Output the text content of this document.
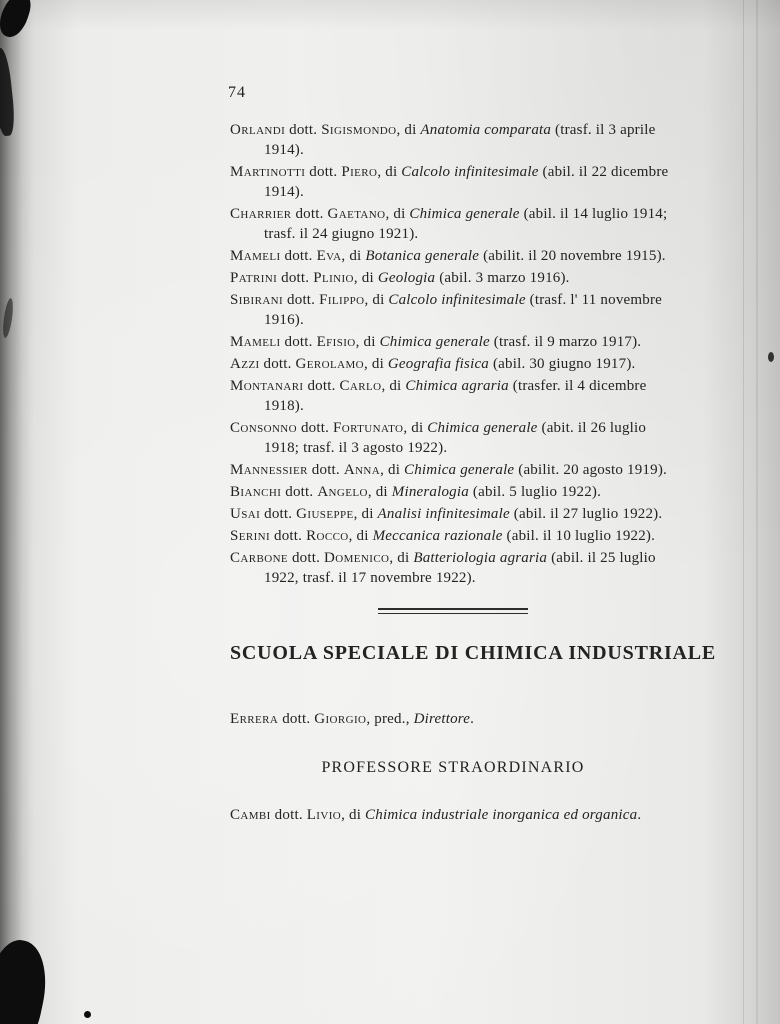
74

Orlandi dott. Sigismondo, di Anatomia comparata (trasf. il 3 aprile 1914).

Martinotti dott. Piero, di Calcolo infinitesimale (abil. il 22 dicembre 1914).

Charrier dott. Gaetano, di Chimica generale (abil. il 14 luglio 1914; trasf. il 24 giugno 1921).

Mameli dott. Eva, di Botanica generale (abilit. il 20 novembre 1915).

Patrini dott. Plinio, di Geologia (abil. 3 marzo 1916).

Sibirani dott. Filippo, di Calcolo infinitesimale (trasf. l' 11 novembre 1916).

Mameli dott. Efisio, di Chimica generale (trasf. il 9 marzo 1917).

Azzi dott. Gerolamo, di Geografia fisica (abil. 30 giugno 1917).

Montanari dott. Carlo, di Chimica agraria (trasfer. il 4 dicembre 1918).

Consonno dott. Fortunato, di Chimica generale (abit. il 26 luglio 1918; trasf. il 3 agosto 1922).

Mannessier dott. Anna, di Chimica generale (abilit. 20 agosto 1919).

Bianchi dott. Angelo, di Mineralogia (abil. 5 luglio 1922).

Usai dott. Giuseppe, di Analisi infinitesimale (abil. il 27 luglio 1922).

Serini dott. Rocco, di Meccanica razionale (abil. il 10 luglio 1922).

Carbone dott. Domenico, di Batteriologia agraria (abil. il 25 luglio 1922, trasf. il 17 novembre 1922).

SCUOLA SPECIALE DI CHIMICA INDUSTRIALE

Errera dott. Giorgio, pred., Direttore.

PROFESSORE STRAORDINARIO

Cambi dott. Livio, di Chimica industriale inorganica ed organica.
